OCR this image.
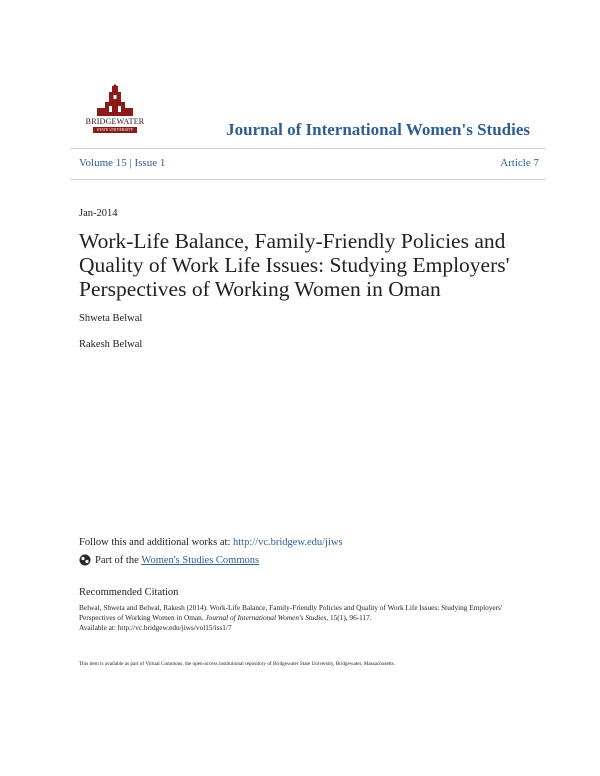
BRIDGEWATER
STATE UNIVERSITY	Journal of International Women's Studies
Volume 15 | Issue 1	Article 7
Jan-2014
Work-Life Balance, Family-Friendly Policies and Quality of Work Life Issues: Studying Employers' Perspectives of Working Women in Oman
Shweta Belwal
Rakesh Belwal
Follow this and additional works at: http://vc.bridgew.edu/jiws
Part of the
Women's Studies Commons
Recommended Citation
Belwal, Shweta and Belwal, Rakesh (2014). Work-Life Balance, Family-Friendly Policies and Quality of Work Life Issues: Studying Employers' Perspectives of Working Women in Oman. Journal of International Women's Studies, 15(1), 96-117.
Available at: http://vc.bridgew.edu/jiws/vol15/iss1/7
This item is available as part of Virtual Commons, the open-access institutional repository of Bridgewater State University, Bridgewater, Massachusetts.
